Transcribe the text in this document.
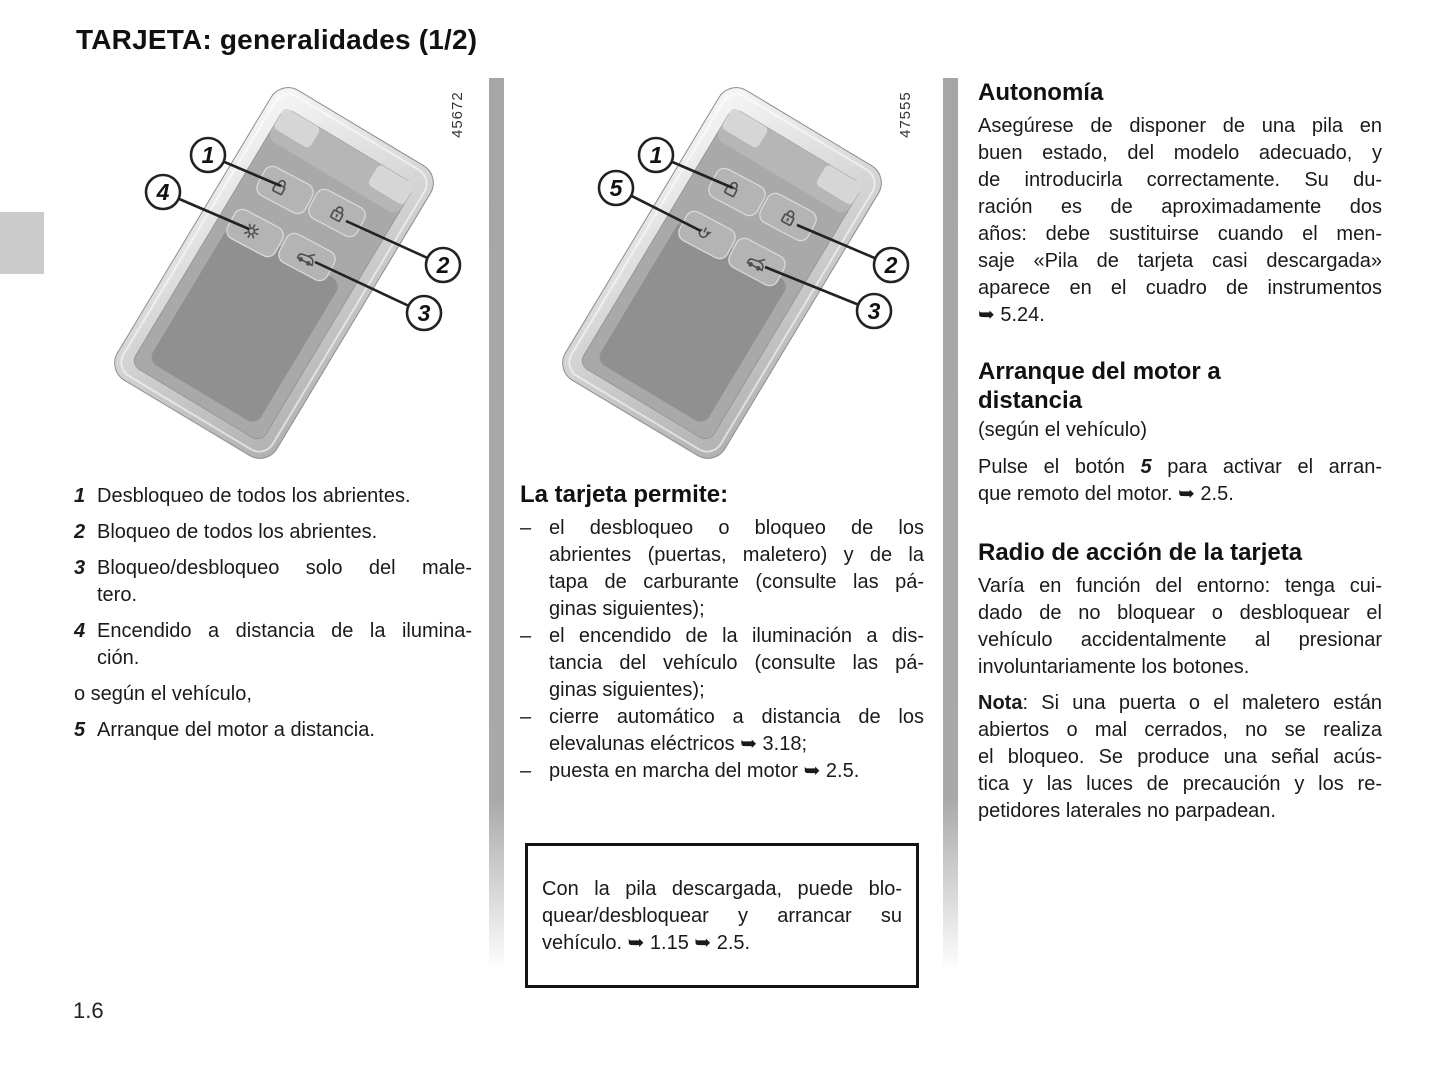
TARJETA: generalidades (1/2)
1
4
2
3
45672
1
5
2
3
47555
1 Desbloqueo de todos los abrientes.
2 Bloqueo de todos los abrientes.
3 Bloqueo/desbloqueo solo del male-
tero.
4 Encendido a distancia de la ilumina-
ción.
o según el vehículo,
5 Arranque del motor a distancia.
La tarjeta permite:
– el desbloqueo o bloqueo de los
abrientes (puertas, maletero) y de la
tapa de carburante (consulte las pá-
ginas siguientes);
– el encendido de la iluminación a dis-
tancia del vehículo (consulte las pá-
ginas siguientes);
– cierre automático a distancia de los
elevalunas eléctricos ➥ 3.18;
– puesta en marcha del motor ➥ 2.5.
Con la pila descargada, puede blo-
quear/desbloquear y arrancar su
vehículo. ➥ 1.15 ➥ 2.5.
Autonomía
Asegúrese de disponer de una pila en
buen estado, del modelo adecuado, y
de introducirla correctamente. Su du-
ración es de aproximadamente dos
años: debe sustituirse cuando el men-
saje «Pila de tarjeta casi descargada»
aparece en el cuadro de instrumentos
➥ 5.24.
Arranque del motor a
distancia
(según el vehículo)
Pulse el botón 5 para activar el arran-
que remoto del motor. ➥ 2.5.
Radio de acción de la tarjeta
Varía en función del entorno: tenga cui-
dado de no bloquear o desbloquear el
vehículo accidentalmente al presionar
involuntariamente los botones.
Nota: Si una puerta o el maletero están
abiertos o mal cerrados, no se realiza
el bloqueo. Se produce una señal acús-
tica y las luces de precaución y los re-
petidores laterales no parpadean.
1.6
